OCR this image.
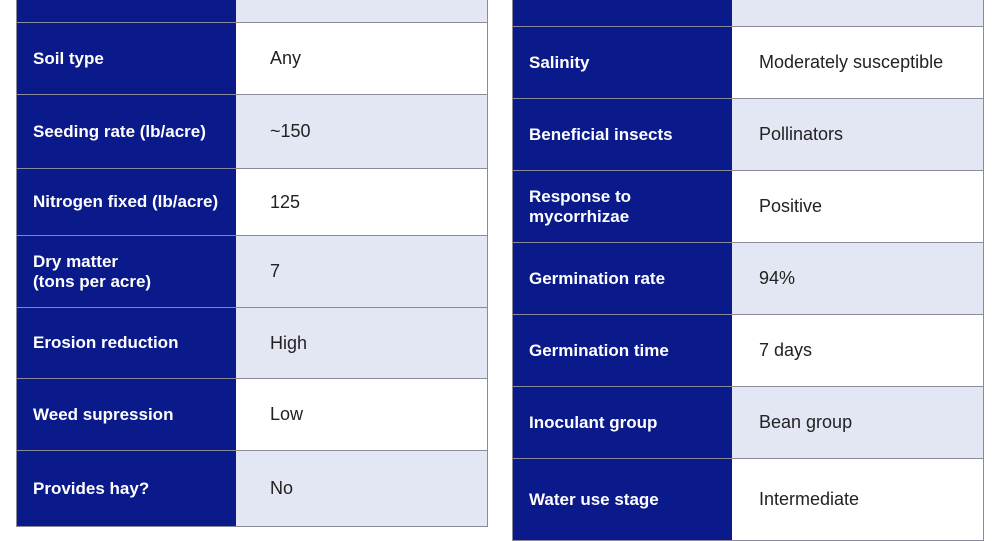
Soil type	Any
Seeding rate (lb/acre)	~150
Nitrogen fixed (lb/acre)	125
Dry matter
(tons per acre)	7
Erosion reduction	High
Weed supression	Low
Provides hay?	No
Salinity	Moderately susceptible
Beneficial insects	Pollinators
Response to
mycorrhizae	Positive
Germination rate	94%
Germination time	7 days
Inoculant group	Bean group
Water use stage	Intermediate
